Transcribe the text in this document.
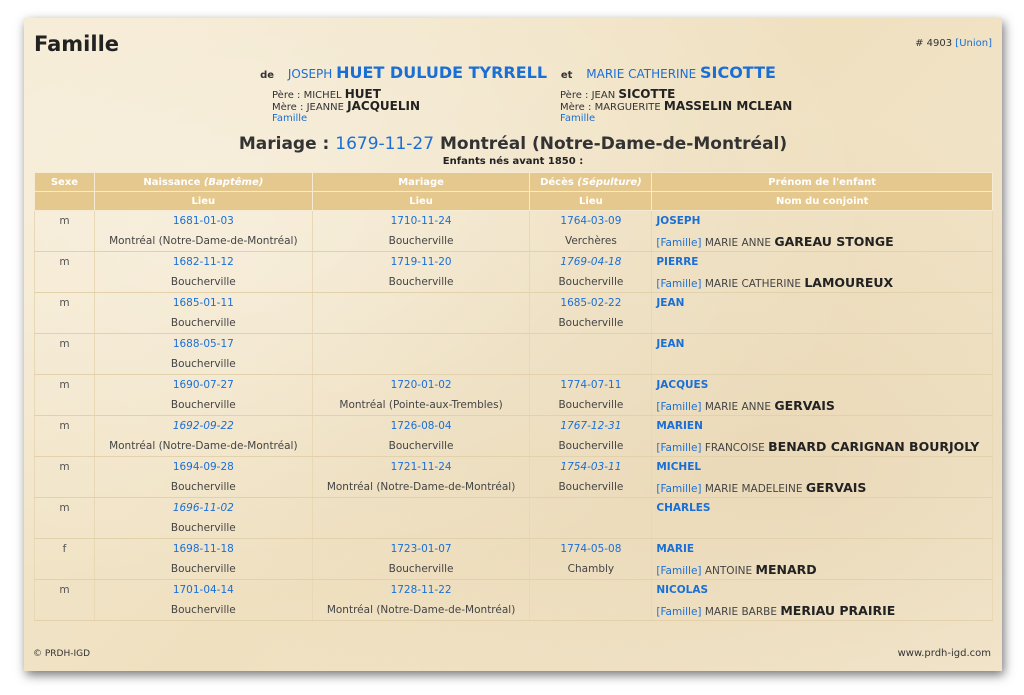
Famille	# 4903 [Union]
de JOSEPH HUET DULUDE TYRRELL et MARIE CATHERINE SICOTTE
Père : MICHEL HUET
Mère : JEANNE JACQUELIN
Famille
Père : JEAN SICOTTE
Mère : MARGUERITE MASSELIN MCLEAN
Famille
Mariage : 1679-11-27 Montréal (Notre-Dame-de-Montréal)
Enfants nés avant 1850 :
Sexe	Naissance (Baptême)	Mariage	Décès (Sépulture)	Prénom de l'enfant
	Lieu	Lieu	Lieu	Nom du conjoint
m	1681-01-03	1710-11-24	1764-03-09	JOSEPH
	Montréal (Notre-Dame-de-Montréal)	Boucherville	Verchères	[Famille] MARIE ANNE GAREAU STONGE
m	1682-11-12	1719-11-20	1769-04-18	PIERRE
	Boucherville	Boucherville	Boucherville	[Famille] MARIE CATHERINE LAMOUREUX
m	1685-01-11		1685-02-22	JEAN
	Boucherville		Boucherville	
m	1688-05-17			JEAN
	Boucherville			
m	1690-07-27	1720-01-02	1774-07-11	JACQUES
	Boucherville	Montréal (Pointe-aux-Trembles)	Boucherville	[Famille] MARIE ANNE GERVAIS
m	1692-09-22	1726-08-04	1767-12-31	MARIEN
	Montréal (Notre-Dame-de-Montréal)	Boucherville	Boucherville	[Famille] FRANCOISE BENARD CARIGNAN BOURJOLY
m	1694-09-28	1721-11-24	1754-03-11	MICHEL
	Boucherville	Montréal (Notre-Dame-de-Montréal)	Boucherville	[Famille] MARIE MADELEINE GERVAIS
m	1696-11-02			CHARLES
	Boucherville			
f	1698-11-18	1723-01-07	1774-05-08	MARIE
	Boucherville	Boucherville	Chambly	[Famille] ANTOINE MENARD
m	1701-04-14	1728-11-22		NICOLAS
	Boucherville	Montréal (Notre-Dame-de-Montréal)		[Famille] MARIE BARBE MERIAU PRAIRIE
© PRDH-IGD	www.prdh-igd.com
